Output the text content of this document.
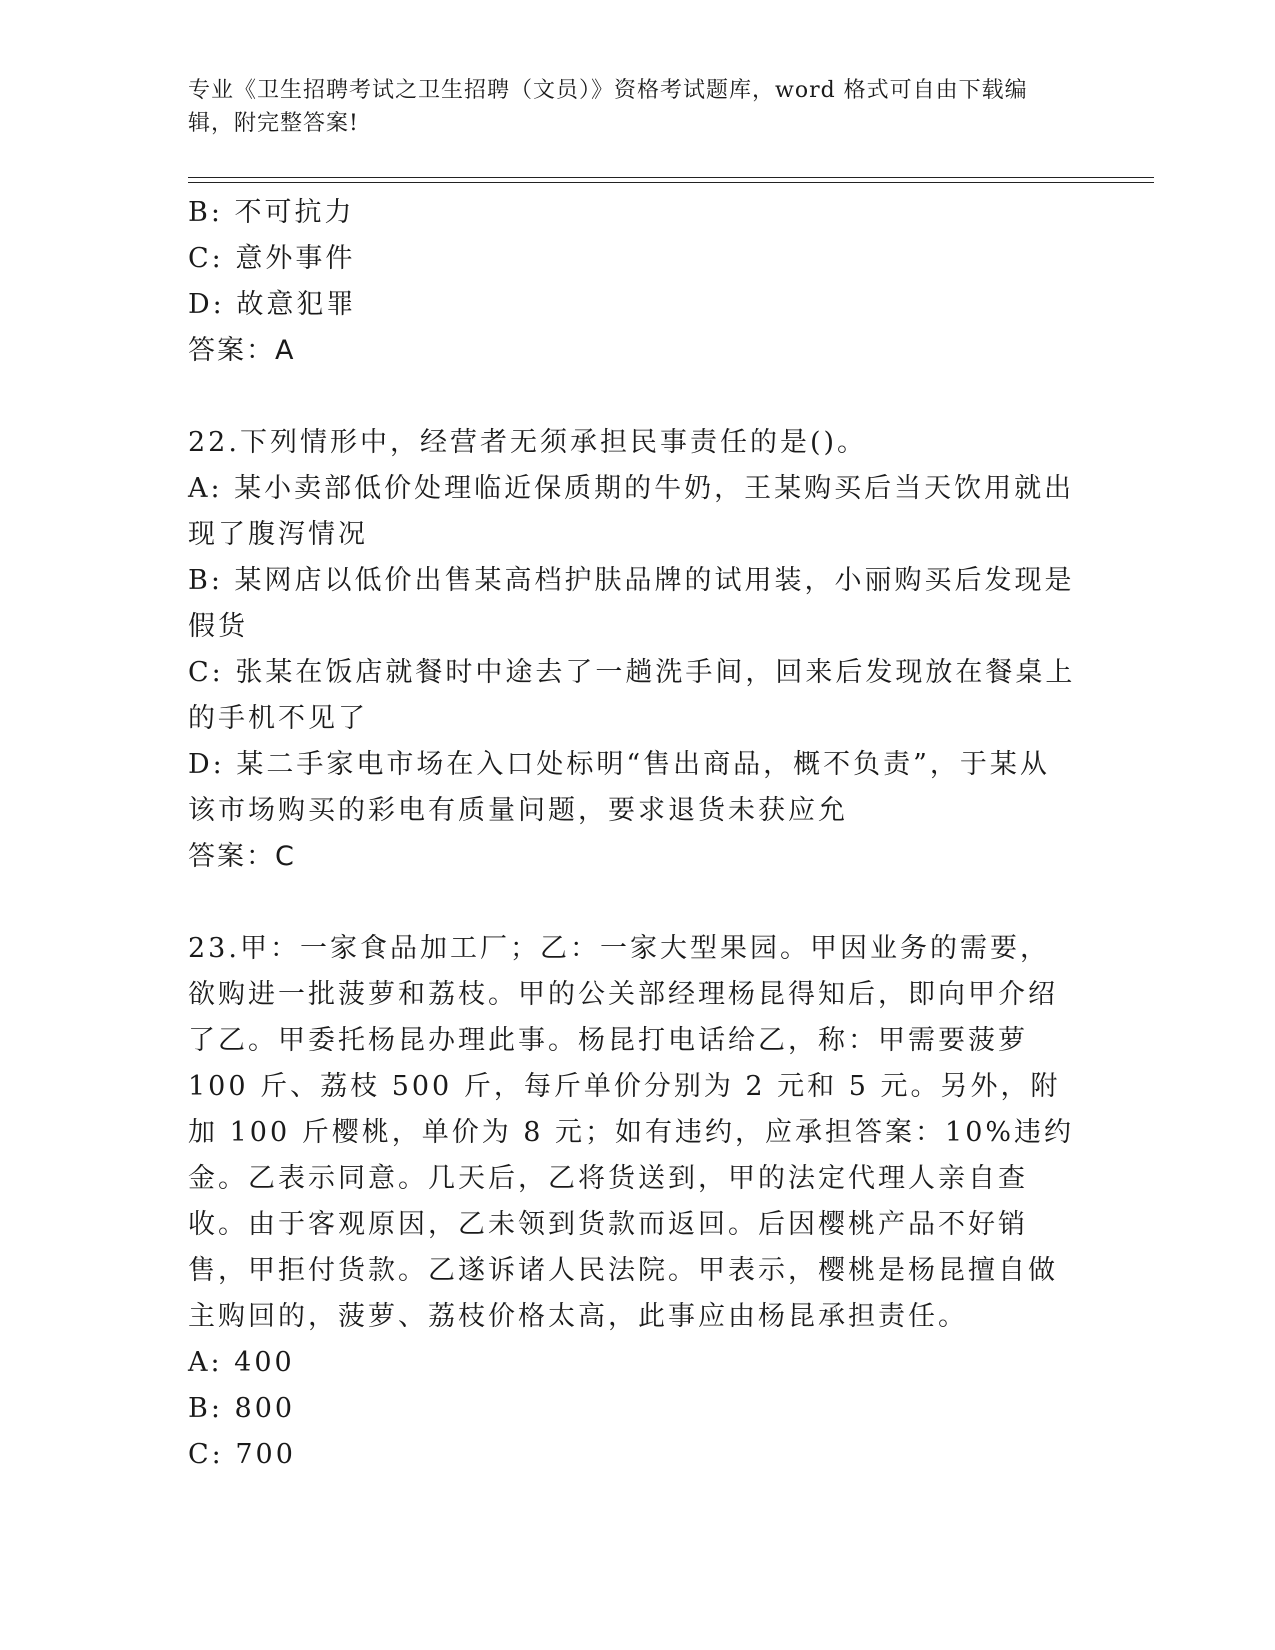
专业《卫生招聘考试之卫生招聘（文员）》资格考试题库，word 格式可自由下载编辑，附完整答案!
B: 不可抗力
C: 意外事件
D: 故意犯罪
答案：A
22.下列情形中，经营者无须承担民事责任的是()。
A: 某小卖部低价处理临近保质期的牛奶，王某购买后当天饮用就出现了腹泻情况
B: 某网店以低价出售某高档护肤品牌的试用装，小丽购买后发现是假货
C: 张某在饭店就餐时中途去了一趟洗手间，回来后发现放在餐桌上的手机不见了
D: 某二手家电市场在入口处标明“售出商品，概不负责”，于某从该市场购买的彩电有质量问题，要求退货未获应允
答案：C
23.甲：一家食品加工厂；乙：一家大型果园。甲因业务的需要，欲购进一批菠萝和荔枝。甲的公关部经理杨昆得知后，即向甲介绍了乙。甲委托杨昆办理此事。杨昆打电话给乙，称：甲需要菠萝 100 斤、荔枝 500 斤，每斤单价分别为 2 元和 5 元。另外，附加 100 斤樱桃，单价为 8 元；如有违约，应承担答案：10%违约金。乙表示同意。几天后，乙将货送到，甲的法定代理人亲自查收。由于客观原因，乙未领到货款而返回。后因樱桃产品不好销售，甲拒付货款。乙遂诉诸人民法院。甲表示，樱桃是杨昆擅自做主购回的，菠萝、荔枝价格太高，此事应由杨昆承担责任。
A: 400
B: 800
C: 700
